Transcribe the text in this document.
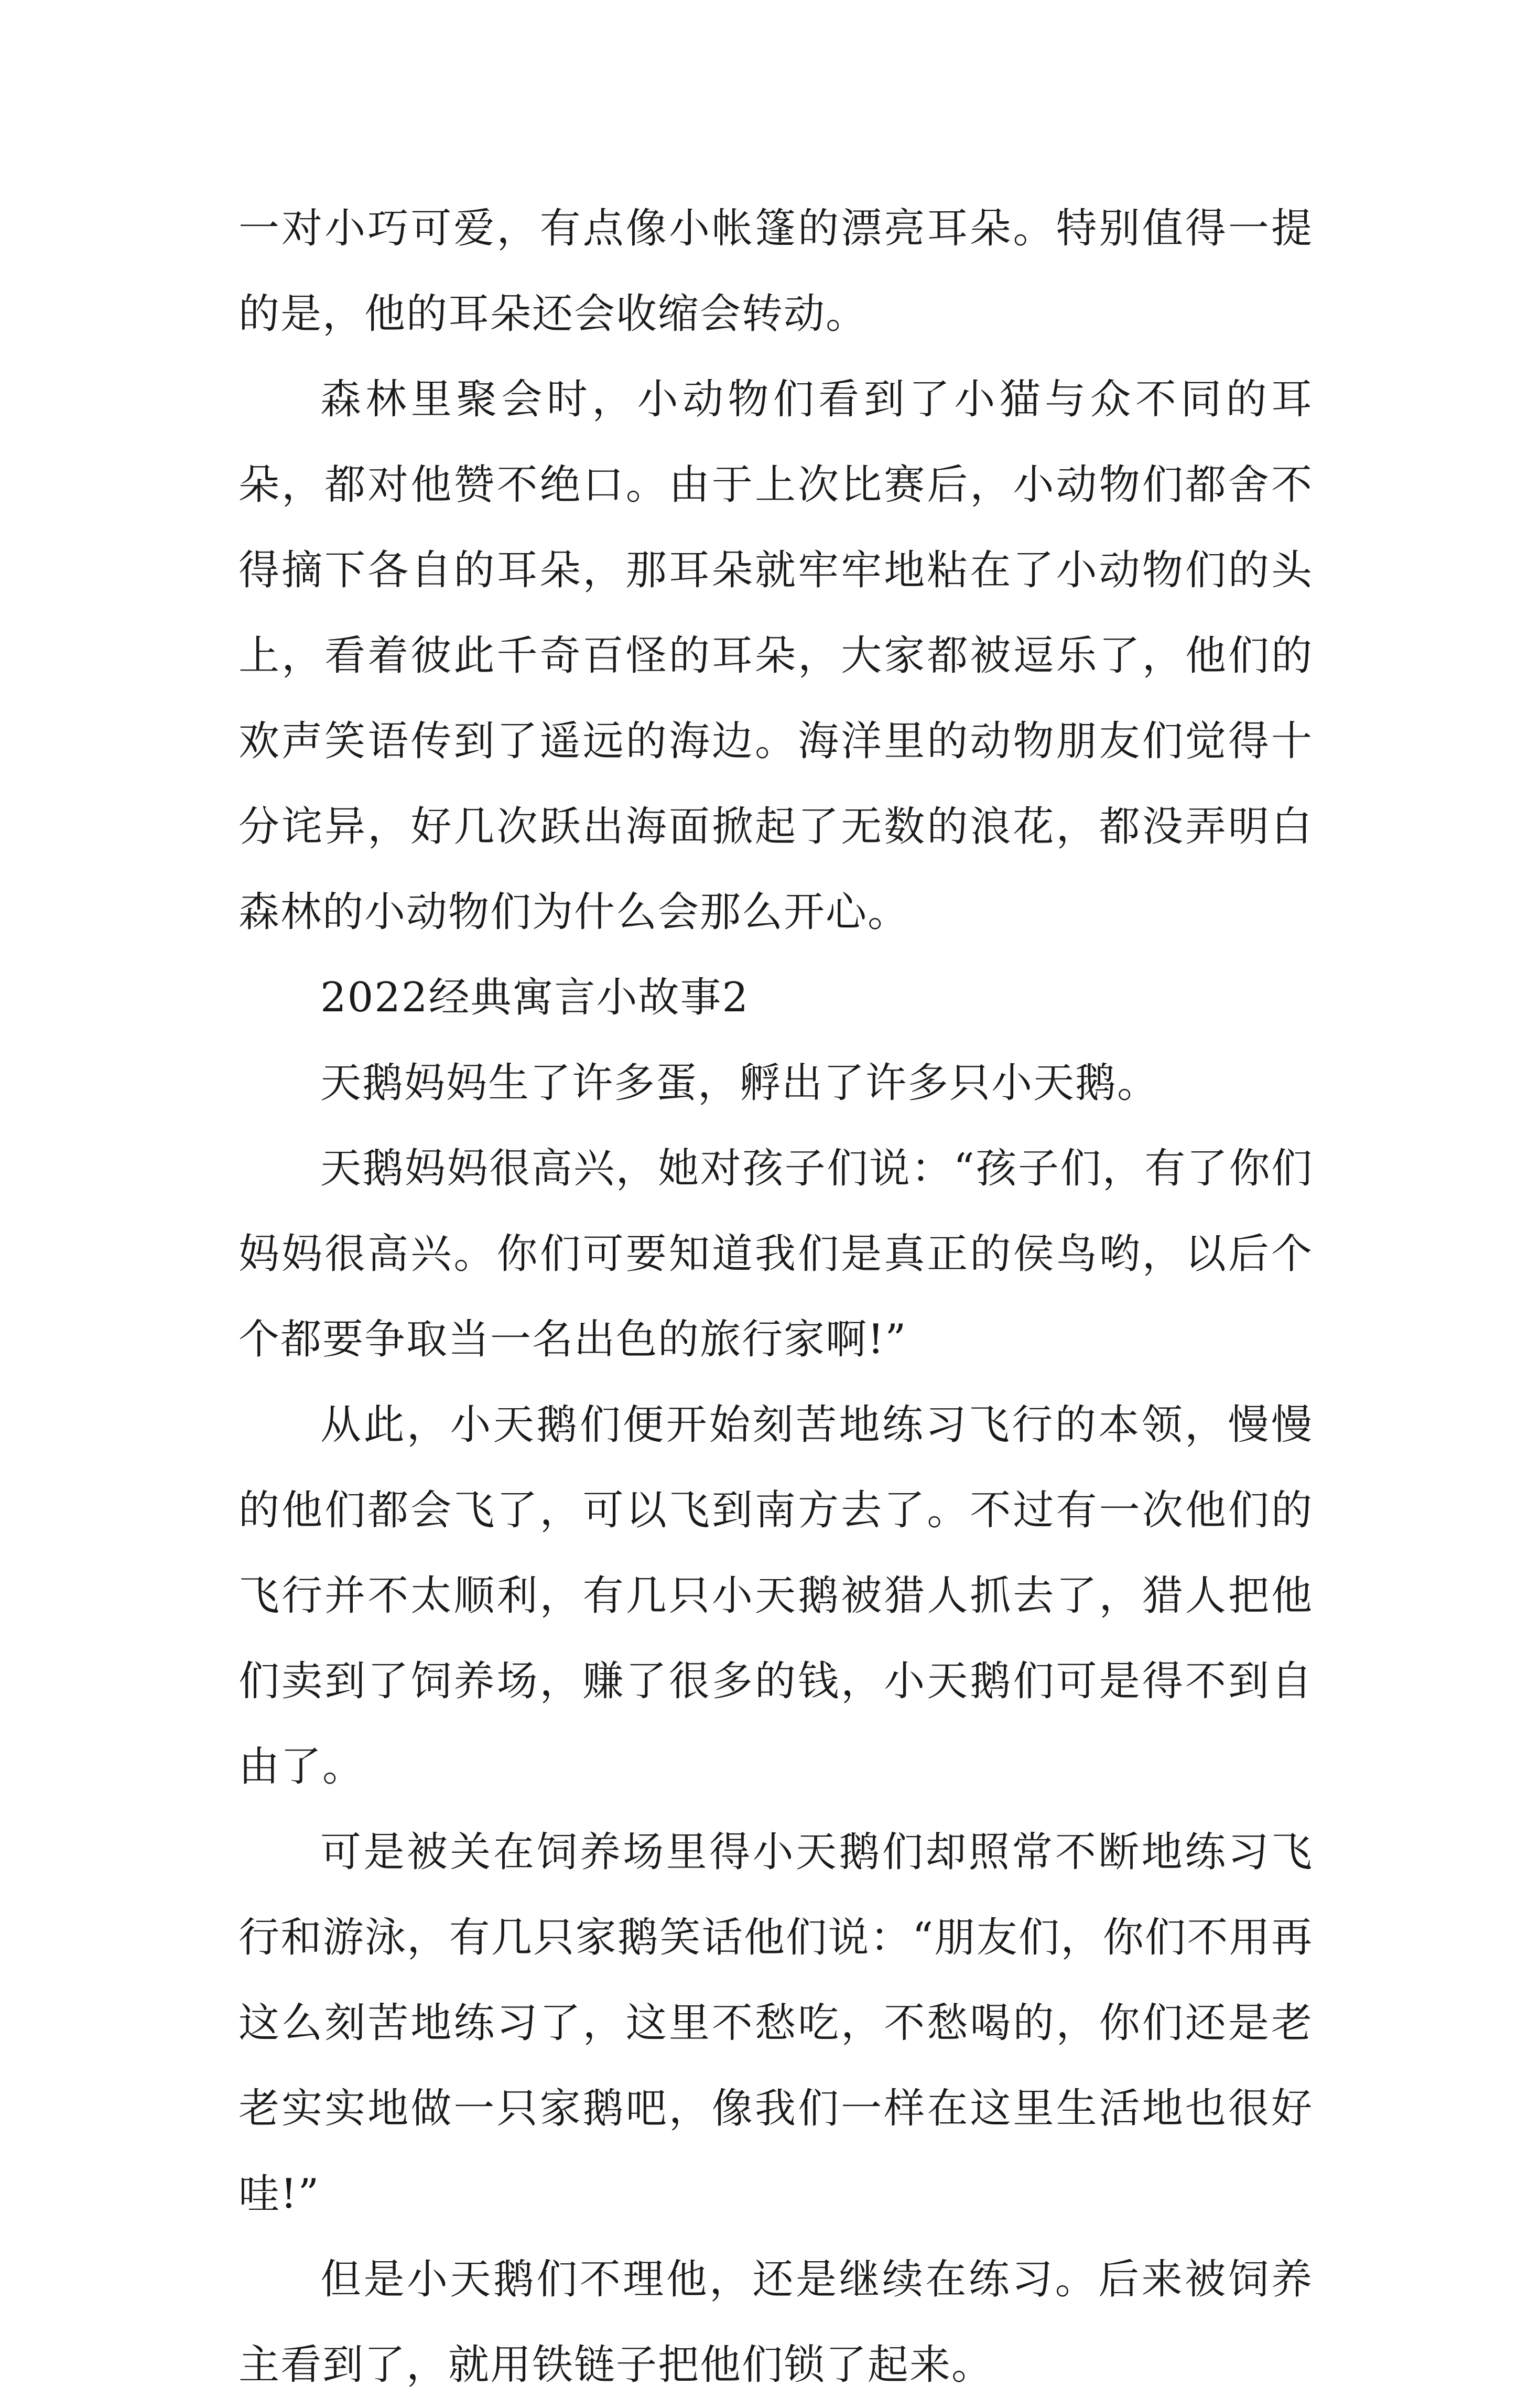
一对小巧可爱，有点像小帐篷的漂亮耳朵。特别值得一提的是，他的耳朵还会收缩会转动。

森林里聚会时，小动物们看到了小猫与众不同的耳朵，都对他赞不绝口。由于上次比赛后，小动物们都舍不得摘下各自的耳朵，那耳朵就牢牢地粘在了小动物们的头上，看着彼此千奇百怪的耳朵，大家都被逗乐了，他们的欢声笑语传到了遥远的海边。海洋里的动物朋友们觉得十分诧异，好几次跃出海面掀起了无数的浪花，都没弄明白森林的小动物们为什么会那么开心。

2022经典寓言小故事2

天鹅妈妈生了许多蛋，孵出了许多只小天鹅。

天鹅妈妈很高兴，她对孩子们说：“孩子们，有了你们妈妈很高兴。你们可要知道我们是真正的侯鸟哟，以后个个都要争取当一名出色的旅行家啊!”

从此，小天鹅们便开始刻苦地练习飞行的本领，慢慢的他们都会飞了，可以飞到南方去了。不过有一次他们的飞行并不太顺利，有几只小天鹅被猎人抓去了，猎人把他们卖到了饲养场，赚了很多的钱，小天鹅们可是得不到自由了。

可是被关在饲养场里得小天鹅们却照常不断地练习飞行和游泳，有几只家鹅笑话他们说：“朋友们，你们不用再这么刻苦地练习了，这里不愁吃，不愁喝的，你们还是老老实实地做一只家鹅吧，像我们一样在这里生活地也很好哇!”

但是小天鹅们不理他，还是继续在练习。后来被饲养主看到了，就用铁链子把他们锁了起来。
